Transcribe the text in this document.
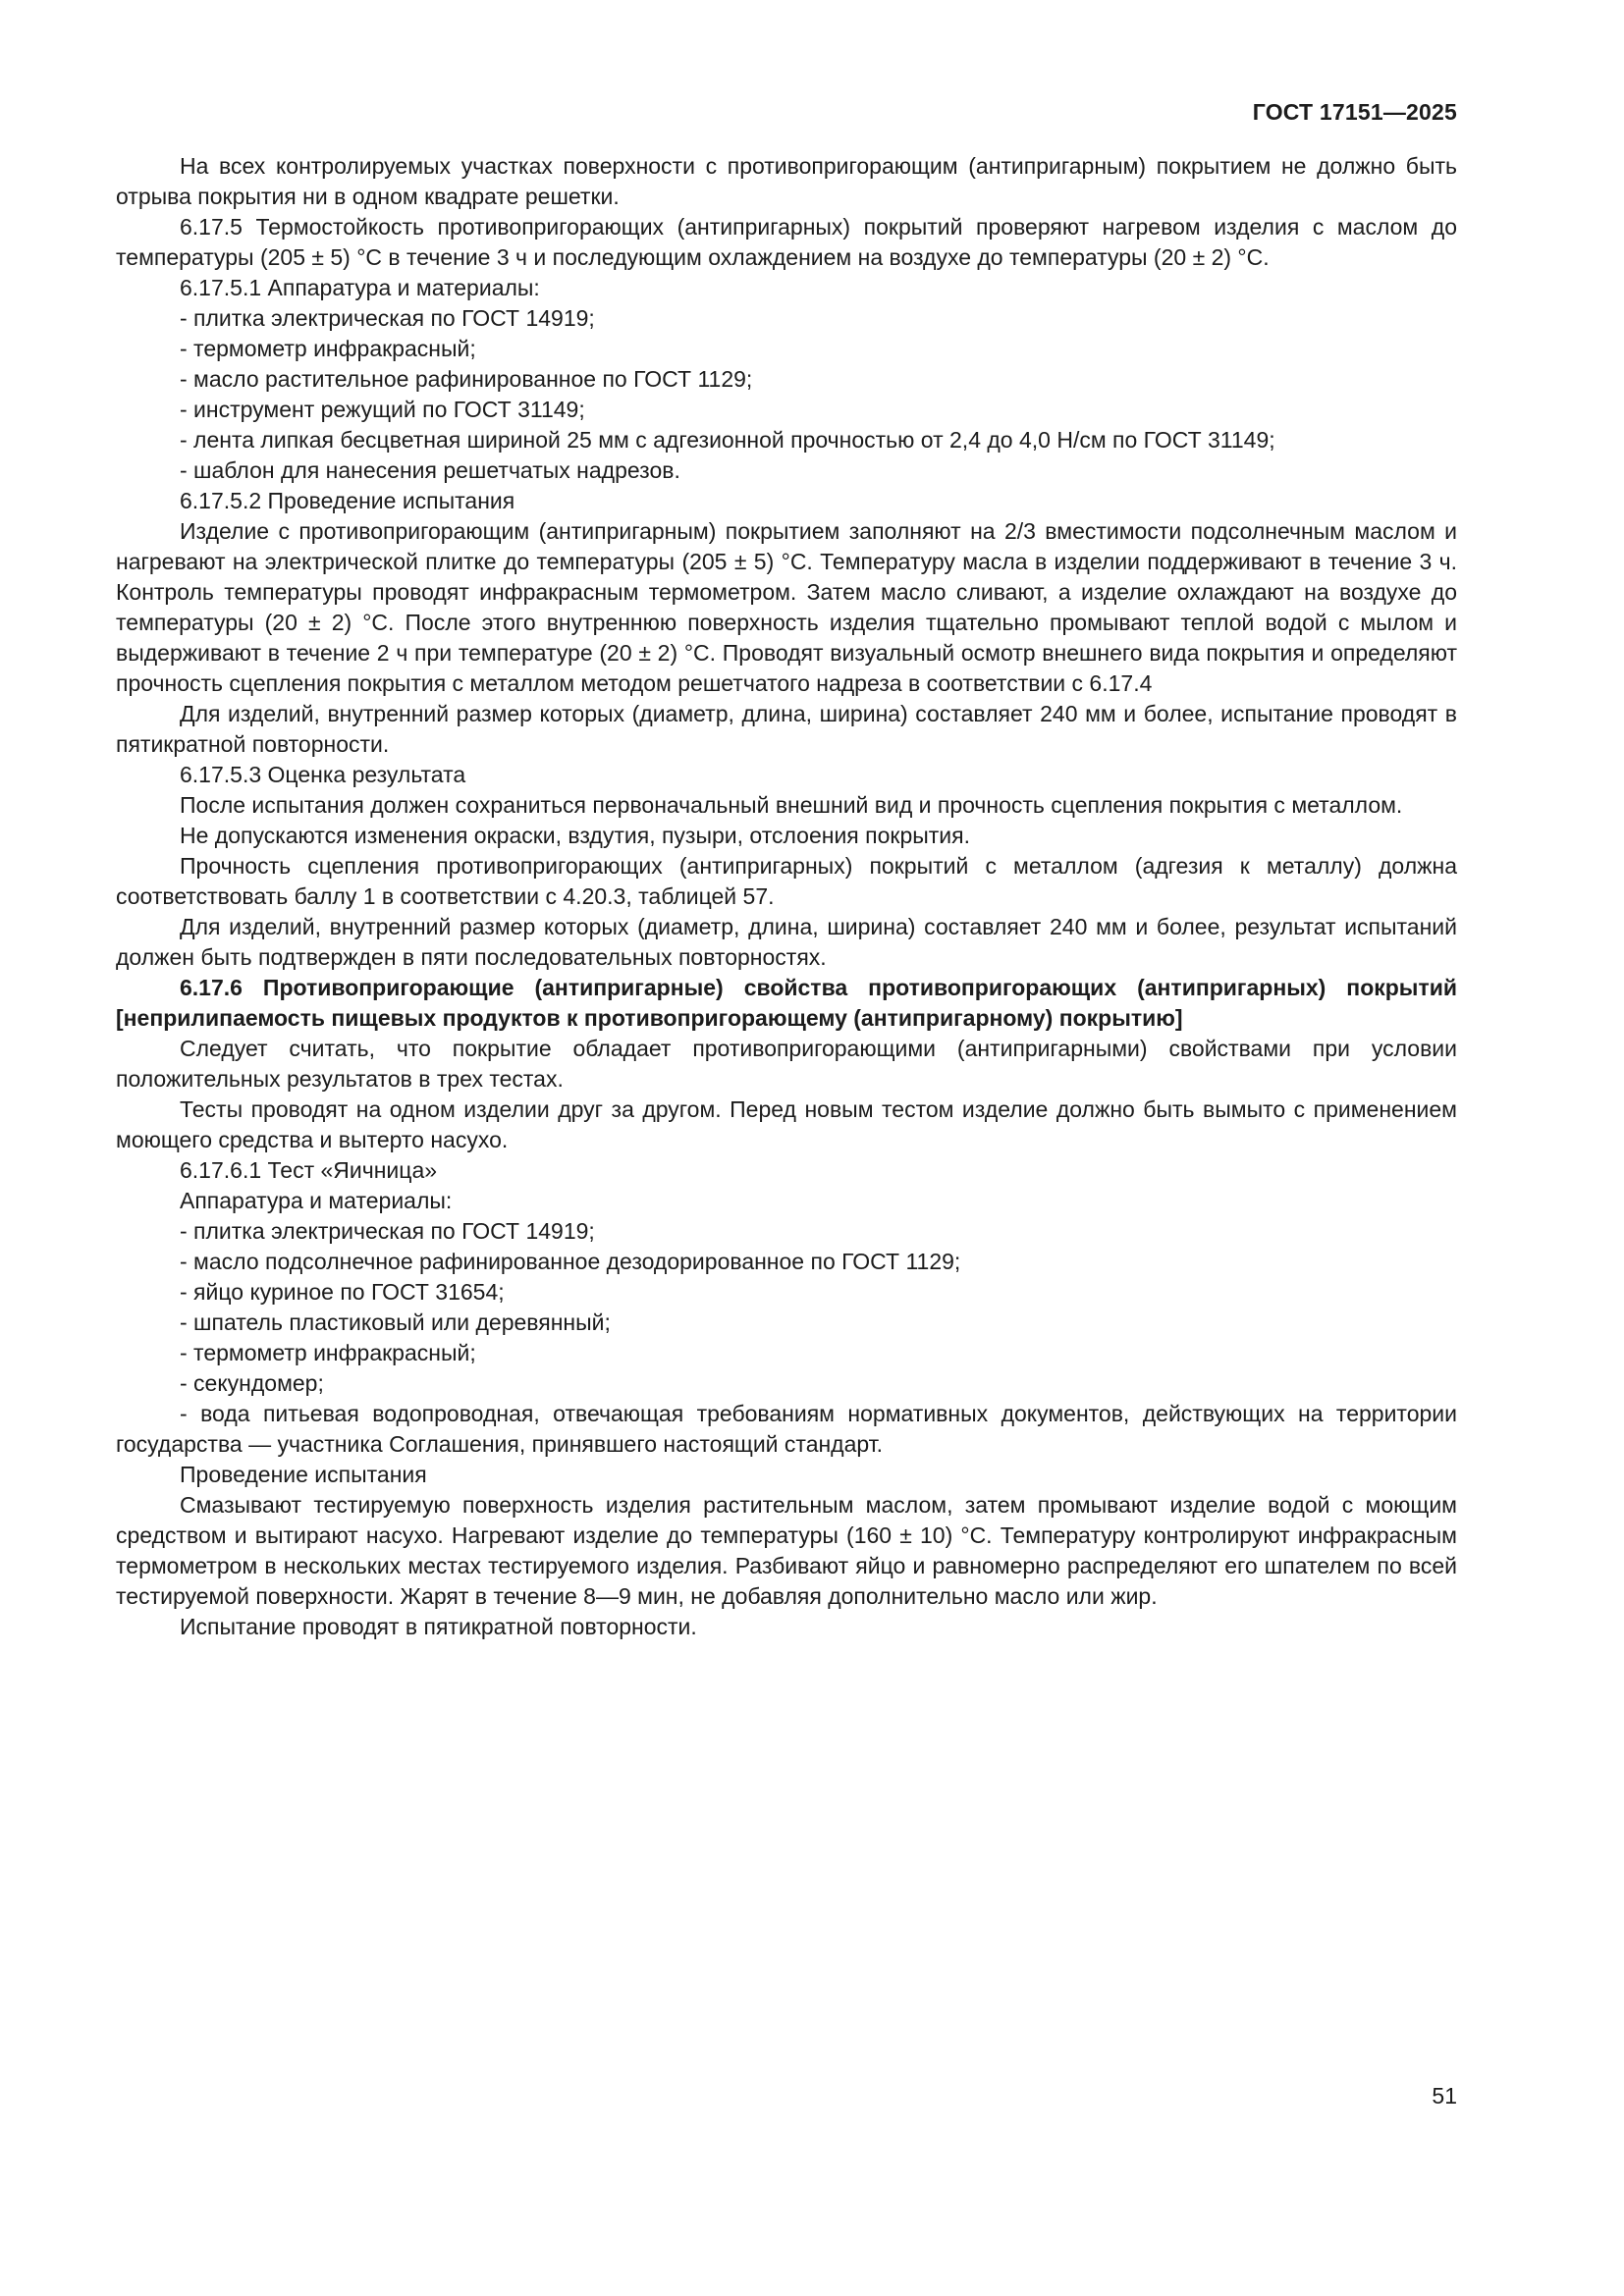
ГОСТ 17151—2025

На всех контролируемых участках поверхности с противопригорающим (антипригарным) покрытием не должно быть отрыва покрытия ни в одном квадрате решетки.

6.17.5 Термостойкость противопригорающих (антипригарных) покрытий проверяют нагревом изделия с маслом до температуры (205 ± 5) °С в течение 3 ч и последующим охлаждением на воздухе до температуры (20 ± 2) °С.

6.17.5.1 Аппаратура и материалы:

- плитка электрическая по ГОСТ 14919;

- термометр инфракрасный;

- масло растительное рафинированное по ГОСТ 1129;

- инструмент режущий по ГОСТ 31149;

- лента липкая бесцветная шириной 25 мм с адгезионной прочностью от 2,4 до 4,0 Н/см по ГОСТ 31149;

- шаблон для нанесения решетчатых надрезов.

6.17.5.2 Проведение испытания

Изделие с противопригорающим (антипригарным) покрытием заполняют на 2/3 вместимости подсолнечным маслом и нагревают на электрической плитке до температуры (205 ± 5) °С. Температуру масла в изделии поддерживают в течение 3 ч. Контроль температуры проводят инфракрасным термометром. Затем масло сливают, а изделие охлаждают на воздухе до температуры (20 ± 2) °С. После этого внутреннюю поверхность изделия тщательно промывают теплой водой с мылом и выдерживают в течение 2 ч при температуре (20 ± 2) °С. Проводят визуальный осмотр внешнего вида покрытия и определяют прочность сцепления покрытия с металлом методом решетчатого надреза в соответствии с 6.17.4

Для изделий, внутренний размер которых (диаметр, длина, ширина) составляет 240 мм и более, испытание проводят в пятикратной повторности.

6.17.5.3 Оценка результата

После испытания должен сохраниться первоначальный внешний вид и прочность сцепления покрытия с металлом.

Не допускаются изменения окраски, вздутия, пузыри, отслоения покрытия.

Прочность сцепления противопригорающих (антипригарных) покрытий с металлом (адгезия к металлу) должна соответствовать баллу 1 в соответствии с 4.20.3, таблицей 57.

Для изделий, внутренний размер которых (диаметр, длина, ширина) составляет 240 мм и более, результат испытаний должен быть подтвержден в пяти последовательных повторностях.

6.17.6 Противопригорающие (антипригарные) свойства противопригорающих (антипригарных) покрытий [неприлипаемость пищевых продуктов к противопригорающему (антипригарному) покрытию]

Следует считать, что покрытие обладает противопригорающими (антипригарными) свойствами при условии положительных результатов в трех тестах.

Тесты проводят на одном изделии друг за другом. Перед новым тестом изделие должно быть вымыто с применением моющего средства и вытерто насухо.

6.17.6.1 Тест «Яичница»

Аппаратура и материалы:

- плитка электрическая по ГОСТ 14919;

- масло подсолнечное рафинированное дезодорированное по ГОСТ 1129;

- яйцо куриное по ГОСТ 31654;

- шпатель пластиковый или деревянный;

- термометр инфракрасный;

- секундомер;

- вода питьевая водопроводная, отвечающая требованиям нормативных документов, действующих на территории государства — участника Соглашения, принявшего настоящий стандарт.

Проведение испытания

Смазывают тестируемую поверхность изделия растительным маслом, затем промывают изделие водой с моющим средством и вытирают насухо. Нагревают изделие до температуры (160 ± 10) °С. Температуру контролируют инфракрасным термометром в нескольких местах тестируемого изделия. Разбивают яйцо и равномерно распределяют его шпателем по всей тестируемой поверхности. Жарят в течение 8—9 мин, не добавляя дополнительно масло или жир.

Испытание проводят в пятикратной повторности.

51
